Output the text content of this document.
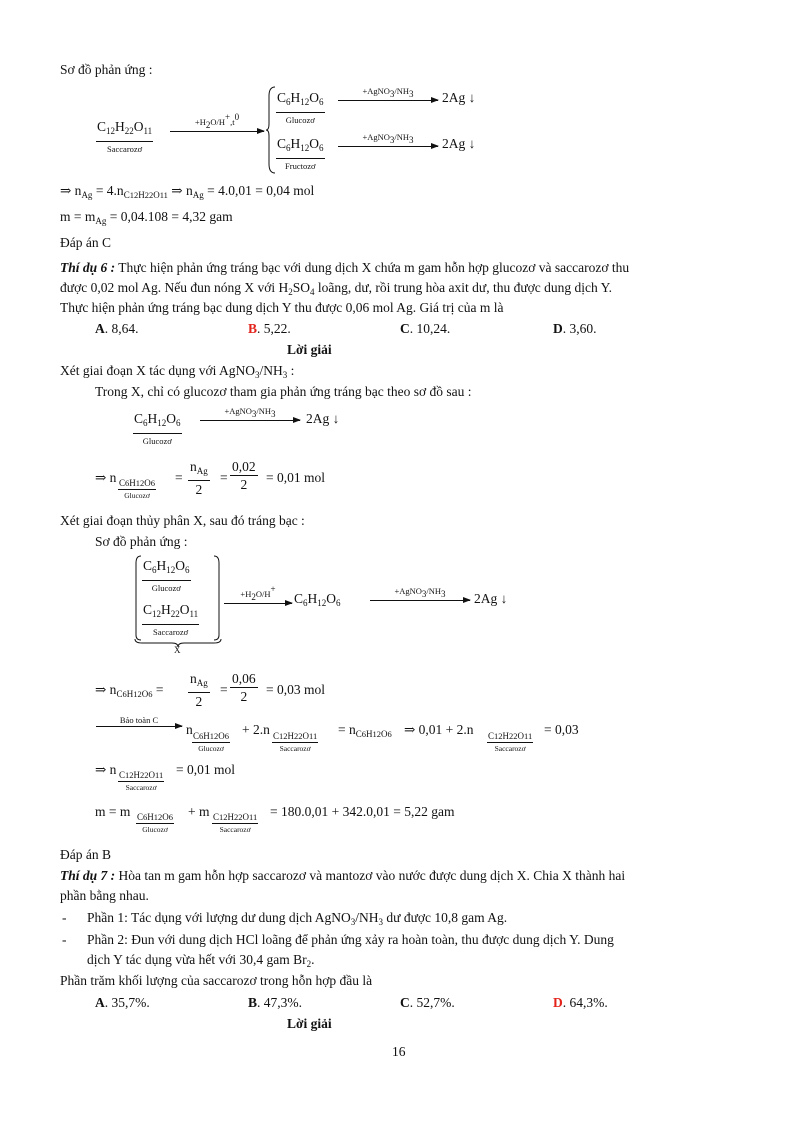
Sơ đồ phản ứng :
$C_{12}H_{22}O_{11}$
Saccarozơ
$+H_2O/H^+,t^0$
$C_6H_{12}O_6$
Glucozơ
$+AgNO_3/NH_3$	2Ag ↓
$C_6H_{12}O_6$
Fructozơ
$+AgNO_3/NH_3$	2Ag ↓
⇒ $n_{Ag} = 4.n_{C12H22O11}$ ⇒ $n_{Ag} = 4.0,01 = 0,04$ mol
$m = m_{Ag} = 0,04.108 = 4,32$ gam
Đáp án C
Thí dụ 6 : Thực hiện phản ứng tráng bạc với dung dịch X chứa m gam hỗn hợp glucozơ và saccarozơ thu
được 0,02 mol Ag. Nếu đun nóng X với $H_2SO_4$ loãng, dư, rồi trung hòa axit dư, thu được dung dịch Y.
Thực hiện phản ứng tráng bạc dung dịch Y thu được 0,06 mol Ag. Giá trị của m là
A. 8,64.	B. 5,22.	C. 10,24.	D. 3,60.
Lời giải
Xét giai đoạn X tác dụng với $AgNO_3/NH_3$ :
Trong X, chỉ có glucozơ tham gia phản ứng tráng bạc theo sơ đồ sau :
$C_6H_{12}O_6$
Glucozơ
$+AgNO_3/NH_3$	2Ag ↓
⇒ n C6H12O6
Glucozơ
=
$n_{Ag}$
2
= $\frac{0,02}{2} = 0,01$ mol
Xét giai đoạn thủy phân X, sau đó tráng bạc :
Sơ đồ phản ứng :
$C_6H_{12}O_6$
Glucozơ
$C_{12}H_{22}O_{11}$
Saccarozơ
X
$+H_2O/H^+$
$C_6H_{12}O_6$
$+AgNO_3/NH_3$	2Ag ↓
⇒ $n_{C6H12O6}$ =
$n_{Ag}$
2
= $\frac{0,06}{2} = 0,03$ mol
Bảo toàn C
n C6H12O6
Glucozơ
+ 2.n C12H22O11
Saccarozơ
= $n_{C6H12O6}$ ⇒ 0,01 + 2.n C12H22O11
Saccarozơ
= 0,03
⇒ n C12H22O11
Saccarozơ
= 0,01 mol
m = m C6H12O6
Glucozơ
+ m C12H22O11
Saccarozơ
= 180.0,01 + 342.0,01 = 5,22 gam
Đáp án B
Thí dụ 7 : Hòa tan m gam hỗn hợp saccarozơ và mantozơ vào nước được dung dịch X. Chia X thành hai
phần bằng nhau.
- Phần 1: Tác dụng với lượng dư dung dịch $AgNO_3/NH_3$ dư được 10,8 gam Ag.
- Phần 2: Đun với dung dịch HCl loãng để phản ứng xảy ra hoàn toàn, thu được dung dịch Y. Dung
dịch Y tác dụng vừa hết với 30,4 gam $Br_2$.
Phần trăm khối lượng của saccarozơ trong hỗn hợp đầu là
A. 35,7%.	B. 47,3%.	C. 52,7%.	D. 64,3%.
Lời giải
16
